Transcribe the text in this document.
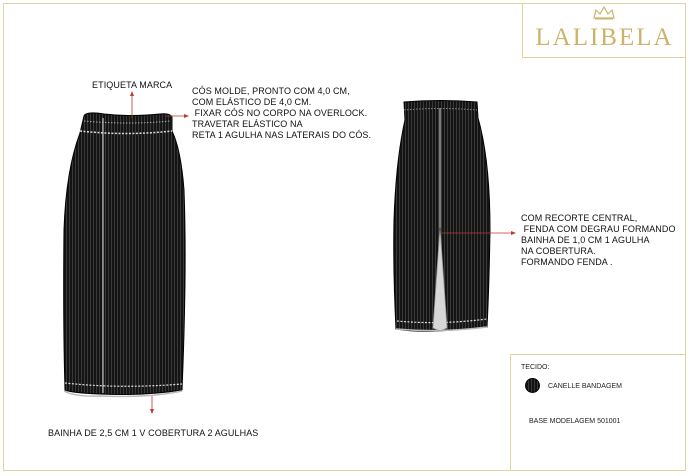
LALIBELA
ETIQUETA MARCA
CÓS MOLDE, PRONTO COM 4,0 CM,
COM ELÁSTICO DE 4,0 CM.
FIXAR CÓS NO CORPO NA OVERLOCK.
TRAVETAR ELÁSTICO NA
RETA 1 AGULHA NAS LATERAIS DO CÓS.
BAINHA DE 2,5 CM 1 V COBERTURA 2 AGULHAS
COM RECORTE CENTRAL,
FENDA COM DEGRAU FORMANDO
BAINHA DE 1,0 CM 1 AGULHA
NA COBERTURA.
FORMANDO FENDA .
TECIDO:
CANELLE BANDAGEM
BASE MODELAGEM 501001
